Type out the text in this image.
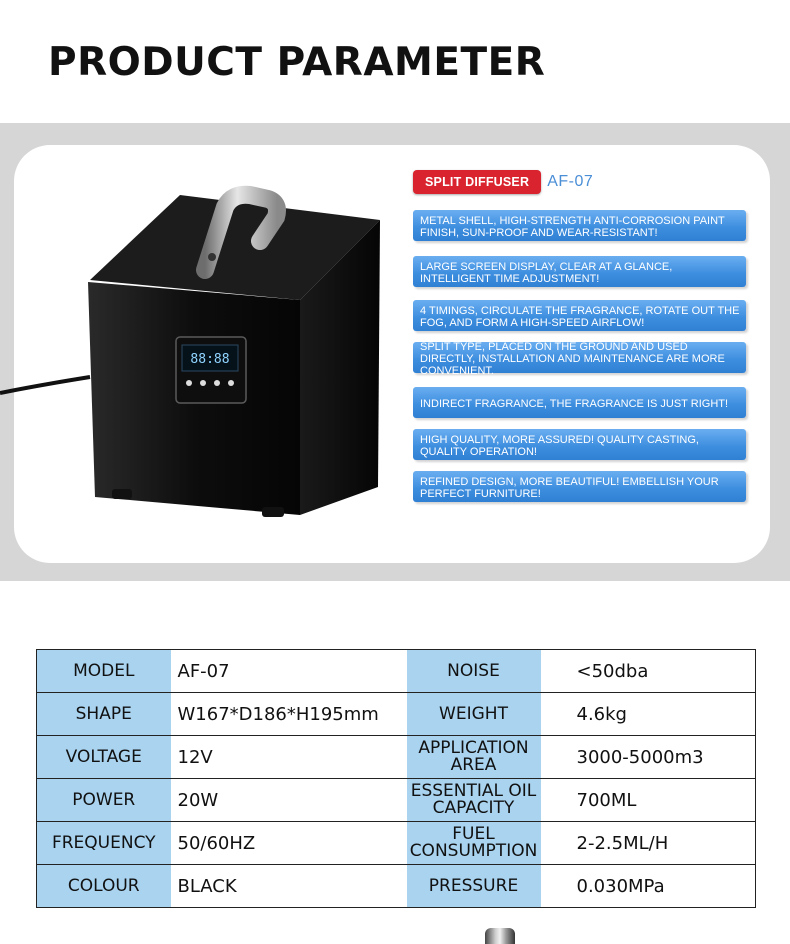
PRODUCT PARAMETER
88:88
SPLIT DIFFUSER	AF-07
METAL SHELL, HIGH-STRENGTH ANTI-CORROSION PAINT FINISH, SUN-PROOF AND WEAR-RESISTANT!
LARGE SCREEN DISPLAY, CLEAR AT A GLANCE, INTELLIGENT TIME ADJUSTMENT!
4 TIMINGS, CIRCULATE THE FRAGRANCE, ROTATE OUT THE FOG, AND FORM A HIGH-SPEED AIRFLOW!
SPLIT TYPE, PLACED ON THE GROUND AND USED DIRECTLY, INSTALLATION AND MAINTENANCE ARE MORE CONVENIENT.
INDIRECT FRAGRANCE, THE FRAGRANCE IS JUST RIGHT!
HIGH QUALITY, MORE ASSURED! QUALITY CASTING, QUALITY OPERATION!
REFINED DESIGN, MORE BEAUTIFUL! EMBELLISH YOUR PERFECT FURNITURE!
MODEL	AF-07	NOISE	<50dba
SHAPE	W167*D186*H195mm	WEIGHT	4.6kg
VOLTAGE	12V	APPLICATION AREA	3000-5000m3
POWER	20W	ESSENTIAL OIL CAPACITY	700ML
FREQUENCY	50/60HZ	FUEL CONSUMPTION	2-2.5ML/H
COLOUR	BLACK	PRESSURE	0.030MPa
